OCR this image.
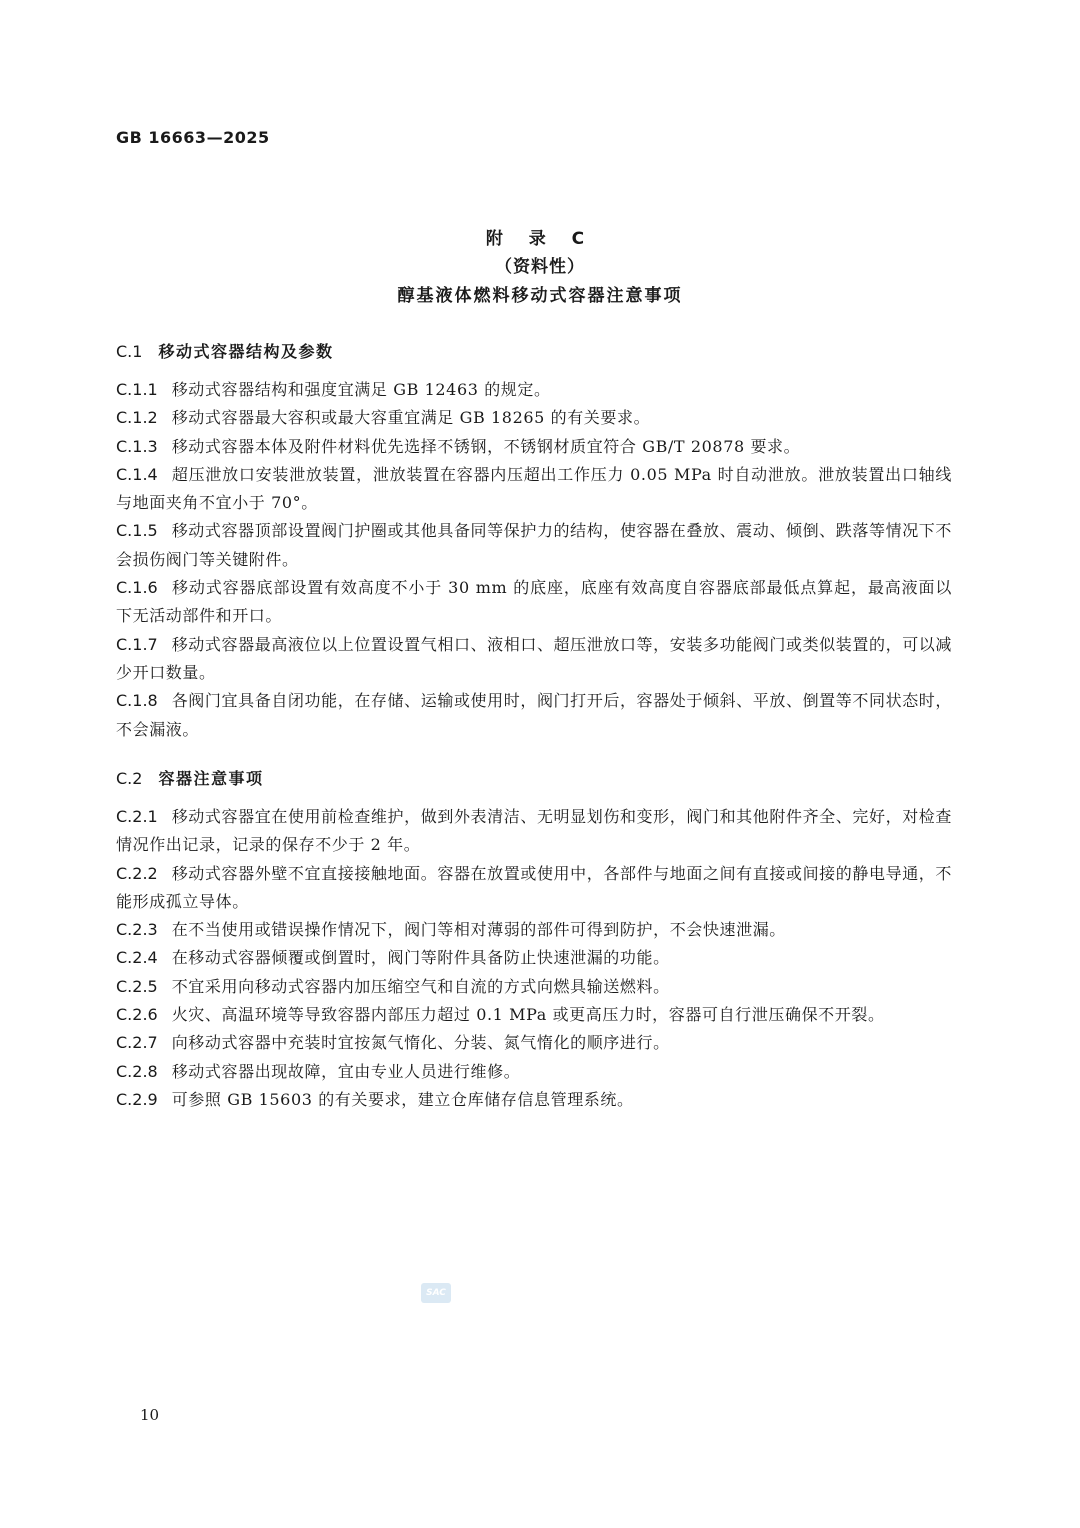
GB 16663—2025
附 录 C
（资料性）
醇基液体燃料移动式容器注意事项
C.1 移动式容器结构及参数
C.1.1 移动式容器结构和强度宜满足 GB 12463 的规定。
C.1.2 移动式容器最大容积或最大容重宜满足 GB 18265 的有关要求。
C.1.3 移动式容器本体及附件材料优先选择不锈钢，不锈钢材质宜符合 GB/T 20878 要求。
C.1.4 超压泄放口安装泄放装置，泄放装置在容器内压超出工作压力 0.05 MPa 时自动泄放。泄放装置出口轴线与地面夹角不宜小于 70°。
C.1.5 移动式容器顶部设置阀门护圈或其他具备同等保护力的结构，使容器在叠放、震动、倾倒、跌落等情况下不会损伤阀门等关键附件。
C.1.6 移动式容器底部设置有效高度不小于 30 mm 的底座，底座有效高度自容器底部最低点算起，最高液面以下无活动部件和开口。
C.1.7 移动式容器最高液位以上位置设置气相口、液相口、超压泄放口等，安装多功能阀门或类似装置的，可以减少开口数量。
C.1.8 各阀门宜具备自闭功能，在存储、运输或使用时，阀门打开后，容器处于倾斜、平放、倒置等不同状态时，不会漏液。
C.2 容器注意事项
C.2.1 移动式容器宜在使用前检查维护，做到外表清洁、无明显划伤和变形，阀门和其他附件齐全、完好，对检查情况作出记录，记录的保存不少于 2 年。
C.2.2 移动式容器外壁不宜直接接触地面。容器在放置或使用中，各部件与地面之间有直接或间接的静电导通，不能形成孤立导体。
C.2.3 在不当使用或错误操作情况下，阀门等相对薄弱的部件可得到防护，不会快速泄漏。
C.2.4 在移动式容器倾覆或倒置时，阀门等附件具备防止快速泄漏的功能。
C.2.5 不宜采用向移动式容器内加压缩空气和自流的方式向燃具输送燃料。
C.2.6 火灾、高温环境等导致容器内部压力超过 0.1 MPa 或更高压力时，容器可自行泄压确保不开裂。
C.2.7 向移动式容器中充装时宜按氮气惰化、分装、氮气惰化的顺序进行。
C.2.8 移动式容器出现故障，宜由专业人员进行维修。
C.2.9 可参照 GB 15603 的有关要求，建立仓库储存信息管理系统。
SAC
10
